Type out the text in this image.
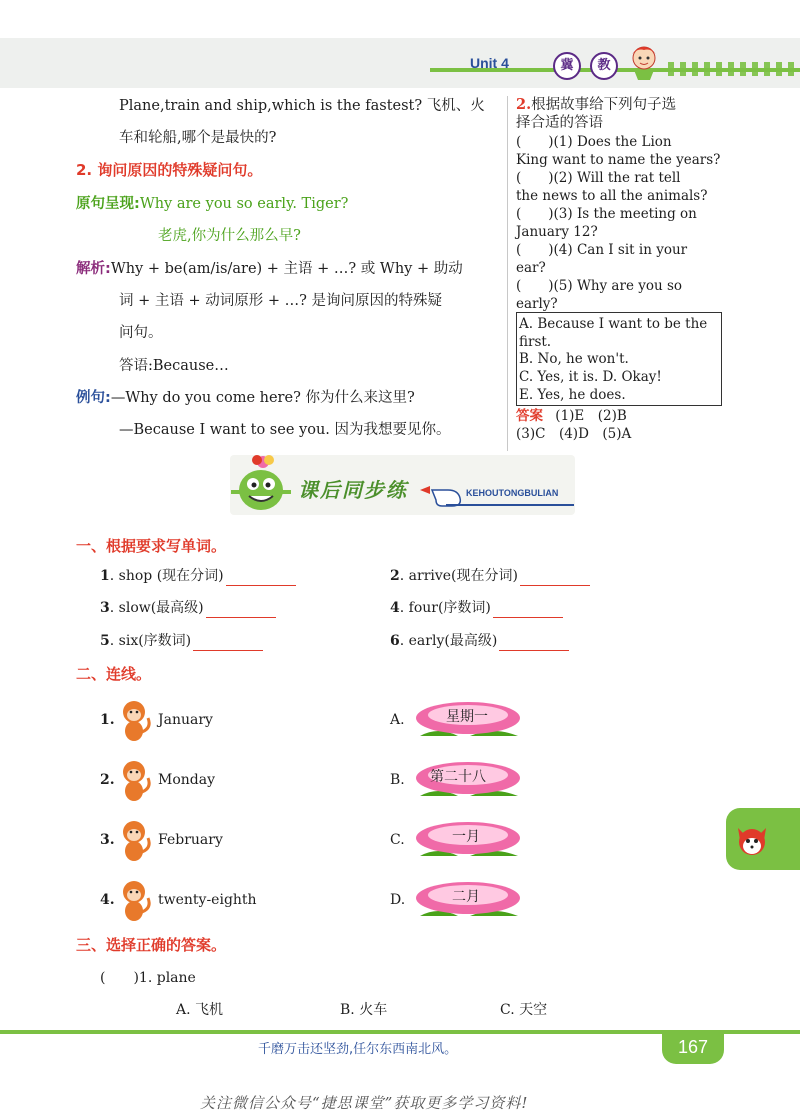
Unit 4	冀	教
Plane,train and ship,which is the fastest? 飞机、火
车和轮船,哪个是最快的?
2. 询问原因的特殊疑问句。
原句呈现:Why are you so early. Tiger?
老虎,你为什么那么早?
解析:Why + be(am/is/are) + 主语 + …? 或 Why + 助动
词 + 主语 + 动词原形 + …? 是询问原因的特殊疑
问句。
答语:Because…
例句:—Why do you come here? 你为什么来这里?
—Because I want to see you. 因为我想要见你。
2.根据故事给下列句子选
择合适的答语
(　　)(1) Does the Lion
King want to name the years?
(　　)(2) Will the rat tell
the news to all the animals?
(　　)(3) Is the meeting on
January 12?
(　　)(4) Can I sit in your
ear?
(　　)(5) Why are you so
early?
A. Because I want to be the
first.
B. No, he won't.
C. Yes, it is. D. Okay!
E. Yes, he does.
答案 (1)E　(2)B
(3)C　(4)D　(5)A
课后同步练	KEHOUTONGBULIAN
一、根据要求写单词。
1. shop (现在分词)	2. arrive(现在分词)
3. slow(最高级)	4. four(序数词)
5. six(序数词)	6. early(最高级)
二、连线。
1.	January
2.	Monday
3.	February
4.	twenty-eighth
A.	星期一
B. 第二十八
C.	一月
D.	二月
三、选择正确的答案。
(　　)1. plane
A. 飞机	B. 火车	C. 天空
千磨万击还坚劲,任尔东西南北风。	167
关注微信公众号“捷思课堂”获取更多学习资料!
